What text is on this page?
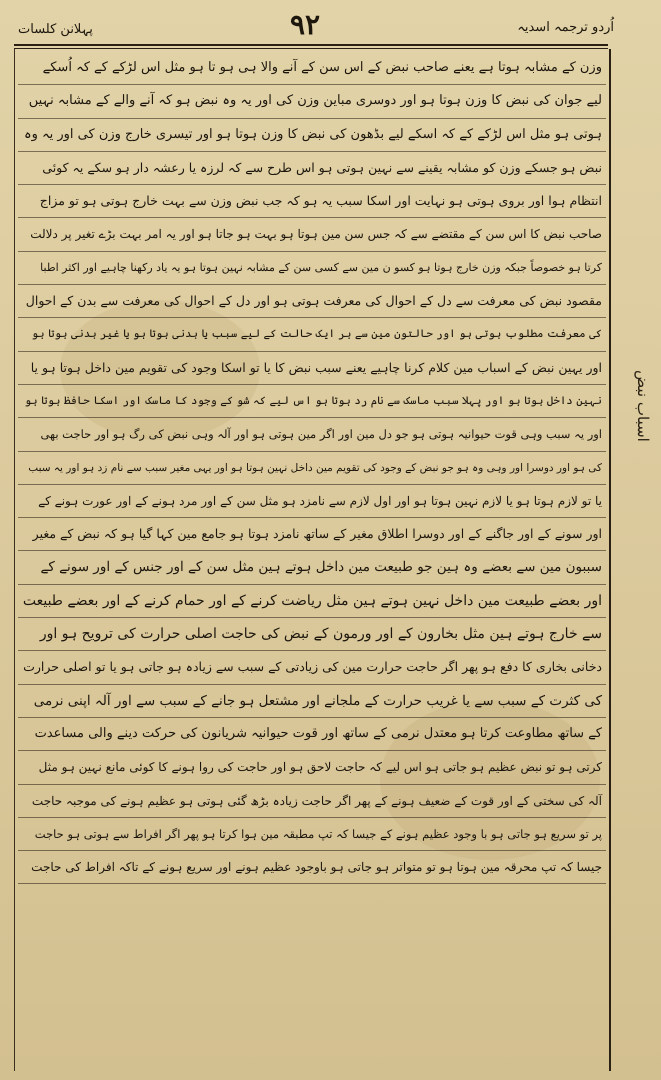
پہلانن کلسات	۹۲	اُردو ترجمہ اسدیہ
اسباب نبض
وزن کے مشابہ ہوتا ہے یعنے صاحب نبض کے اس سن کے آنے والا ہی ہو تا ہو مثل اس لڑکے کے کہ اُسکے
لیے جوان کی نبض کا وزن ہوتا ہو اور دوسری مباین وزن کی اور یہ وہ نبض ہو کہ آنے والے کے مشابہ نہیں
ہوتی ہو مثل اس لڑکے کے کہ اسکے لیے بڈھون کی نبض کا وزن ہوتا ہو اور تیسری خارج وزن کی اور یہ وہ
نبض ہو جسکے وزن کو مشابہ یقینے سے نہین ہوتی ہو اس طرح سے کہ لرزہ یا رعشہ دار ہو سکے یہ کوئی
انتظام ہوا اور بروی ہوتی ہو نہایت اور اسکا سبب یہ ہو کہ جب نبض وزن سے بہت خارج ہوتی ہو تو مزاج
صاحب نبض کا اس سن کے مقتضے سے کہ جس سن مین ہوتا ہو بہت ہو جاتا ہو اور یہ امر بہت بڑے تغیر پر دلالت
کرتا ہو خصوصاً جبکہ وزن خارج ہوتا ہو کسو ن مین سے کسی سن کے مشابہ نہین ہوتا ہو یہ یاد رکھنا چاہیے اور اکثر اطبا
مقصود نبض کی معرفت سے دل کے احوال کی معرفت ہوتی ہو اور دل کے احوال کی معرفت سے بدن کے احوال
کی معرفت مطلوب ہوتی ہو اور حالتون مین سے ہر ایک حالت کے لیے سبب یا بدنی ہوتا ہو یا غیر بدنی ہوتا ہو
اور یہین نبض کے اسباب مین کلام کرنا چاہیے یعنے سبب نبض کا یا تو اسکا وجود کی تقویم مین داخل ہوتا ہو یا
نہین داخل ہوتا ہو اور پہلا سبب ماسک سے نام رد ہوتا ہو اس لیے کہ شو کے وجود کا ماسک اور اسکا حافظ ہوتا ہو
اور یہ سبب وہی قوت حیوانیہ ہوتی ہو جو دل مین اور اگر مین ہوتی ہو اور آلہ وہی نبض کی رگ ہو اور حاجت بھی
کی ہو اور دوسرا اور وہی وہ ہو جو نبض کے وجود کی تقویم مین داخل نہین ہوتا ہو اور یہی مغیر سبب سے نام زد ہو اور یہ سبب
یا تو لازم ہوتا ہو یا لازم نہین ہوتا ہو اور اول لازم سے نامزد ہو مثل سن کے اور مرد ہونے کے اور عورت ہونے کے
اور سونے کے اور جاگنے کے اور دوسرا اطلاق مغیر کے ساتھ نامزد ہوتا ہو جامع مین کہا گیا ہو کہ نبض کے مغیر
سببون مین سے بعضے وہ ہین جو طبیعت مین داخل ہوتے ہین مثل سن کے اور جنس کے اور سونے کے
اور بعضے طبیعت مین داخل نہین ہوتے ہین مثل ریاضت کرنے کے اور حمام کرنے کے اور بعضے طبیعت
سے خارج ہوتے ہین مثل بخارون کے اور ورمون کے نبض کی حاجت اصلی حرارت کی ترویح ہو اور
دخانی بخاری کا دفع ہو پھر اگر حاجت حرارت مین کی زیادتی کے سبب سے زیادہ ہو جاتی ہو یا تو اصلی حرارت
کی کثرت کے سبب سے یا غریب حرارت کے ملجانے اور مشتعل ہو جانے کے سبب سے اور آلہ اپنی نرمی
کے ساتھ مطاوعت کرتا ہو معتدل نرمی کے ساتھ اور قوت حیوانیہ شریانون کی حرکت دینے والی مساعدت
کرتی ہو تو نبض عظیم ہو جاتی ہو اس لیے کہ حاجت لاحق ہو اور حاجت کی روا ہونے کا کوئی مانع نہین ہو مثل
آلہ کی سختی کے اور قوت کے ضعیف ہونے کے پھر اگر حاجت زیادہ بڑھ گئی ہوتی ہو عظیم ہونے کی موجبہ حاجت
پر تو سریع ہو جاتی ہو با وجود عظیم ہونے کے جیسا کہ تپ مطبقہ مین ہوا کرتا ہو پھر اگر افراط سے ہوتی ہو حاجت
جیسا کہ تپ محرقہ مین ہوتا ہو تو متواتر ہو جاتی ہو باوجود عظیم ہونے اور سریع ہونے کے تاکہ افراط کی حاجت
